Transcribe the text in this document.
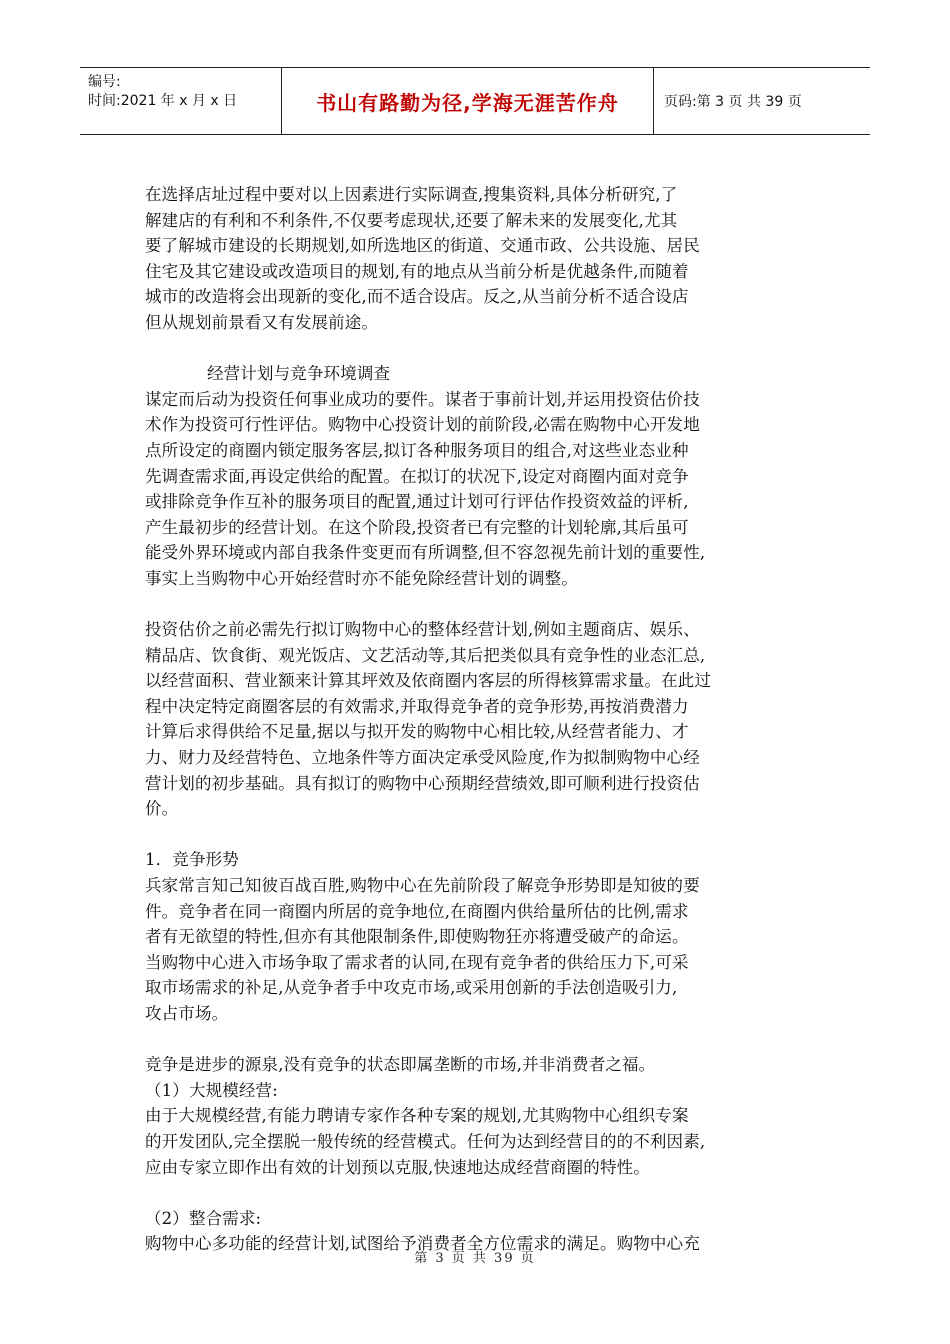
编号:
时间:2021 年 x 月 x 日	书山有路勤为径,学海无涯苦作舟	页码:第 3 页 共 39 页
在选择店址过程中要对以上因素进行实际调查,搜集资料,具体分析研究,了
解建店的有利和不利条件,不仅要考虑现状,还要了解未来的发展变化,尤其
要了解城市建设的长期规划,如所选地区的街道、交通市政、公共设施、居民
住宅及其它建设或改造项目的规划,有的地点从当前分析是优越条件,而随着
城市的改造将会出现新的变化,而不适合设店。反之,从当前分析不适合设店
但从规划前景看又有发展前途。
经营计划与竞争环境调查
谋定而后动为投资任何事业成功的要件。谋者于事前计划,并运用投资估价技
术作为投资可行性评估。购物中心投资计划的前阶段,必需在购物中心开发地
点所设定的商圈内锁定服务客层,拟订各种服务项目的组合,对这些业态业种
先调查需求面,再设定供给的配置。在拟订的状况下,设定对商圈内面对竞争
或排除竞争作互补的服务项目的配置,通过计划可行评估作投资效益的评析,
产生最初步的经营计划。在这个阶段,投资者已有完整的计划轮廓,其后虽可
能受外界环境或内部自我条件变更而有所调整,但不容忽视先前计划的重要性,
事实上当购物中心开始经营时亦不能免除经营计划的调整。
投资估价之前必需先行拟订购物中心的整体经营计划,例如主题商店、娱乐、
精品店、饮食街、观光饭店、文艺活动等,其后把类似具有竞争性的业态汇总,
以经营面积、营业额来计算其坪效及依商圈内客层的所得核算需求量。在此过
程中决定特定商圈客层的有效需求,并取得竞争者的竞争形势,再按消费潜力
计算后求得供给不足量,据以与拟开发的购物中心相比较,从经营者能力、才
力、财力及经营特色、立地条件等方面决定承受风险度,作为拟制购物中心经
营计划的初步基础。具有拟订的购物中心预期经营绩效,即可顺利进行投资估
价。
1．竞争形势
兵家常言知己知彼百战百胜,购物中心在先前阶段了解竞争形势即是知彼的要
件。竞争者在同一商圈内所居的竞争地位,在商圈内供给量所估的比例,需求
者有无欲望的特性,但亦有其他限制条件,即使购物狂亦将遭受破产的命运。
当购物中心进入市场争取了需求者的认同,在现有竞争者的供给压力下,可采
取市场需求的补足,从竞争者手中攻克市场,或采用创新的手法创造吸引力,
攻占市场。
竞争是进步的源泉,没有竞争的状态即属垄断的市场,并非消费者之福。
（1）大规模经营:
由于大规模经营,有能力聘请专家作各种专案的规划,尤其购物中心组织专案
的开发团队,完全摆脱一般传统的经营模式。任何为达到经营目的的不利因素,
应由专家立即作出有效的计划预以克服,快速地达成经营商圈的特性。
（2）整合需求:
购物中心多功能的经营计划,试图给予消费者全方位需求的满足。购物中心充
第 3 页 共 39 页
